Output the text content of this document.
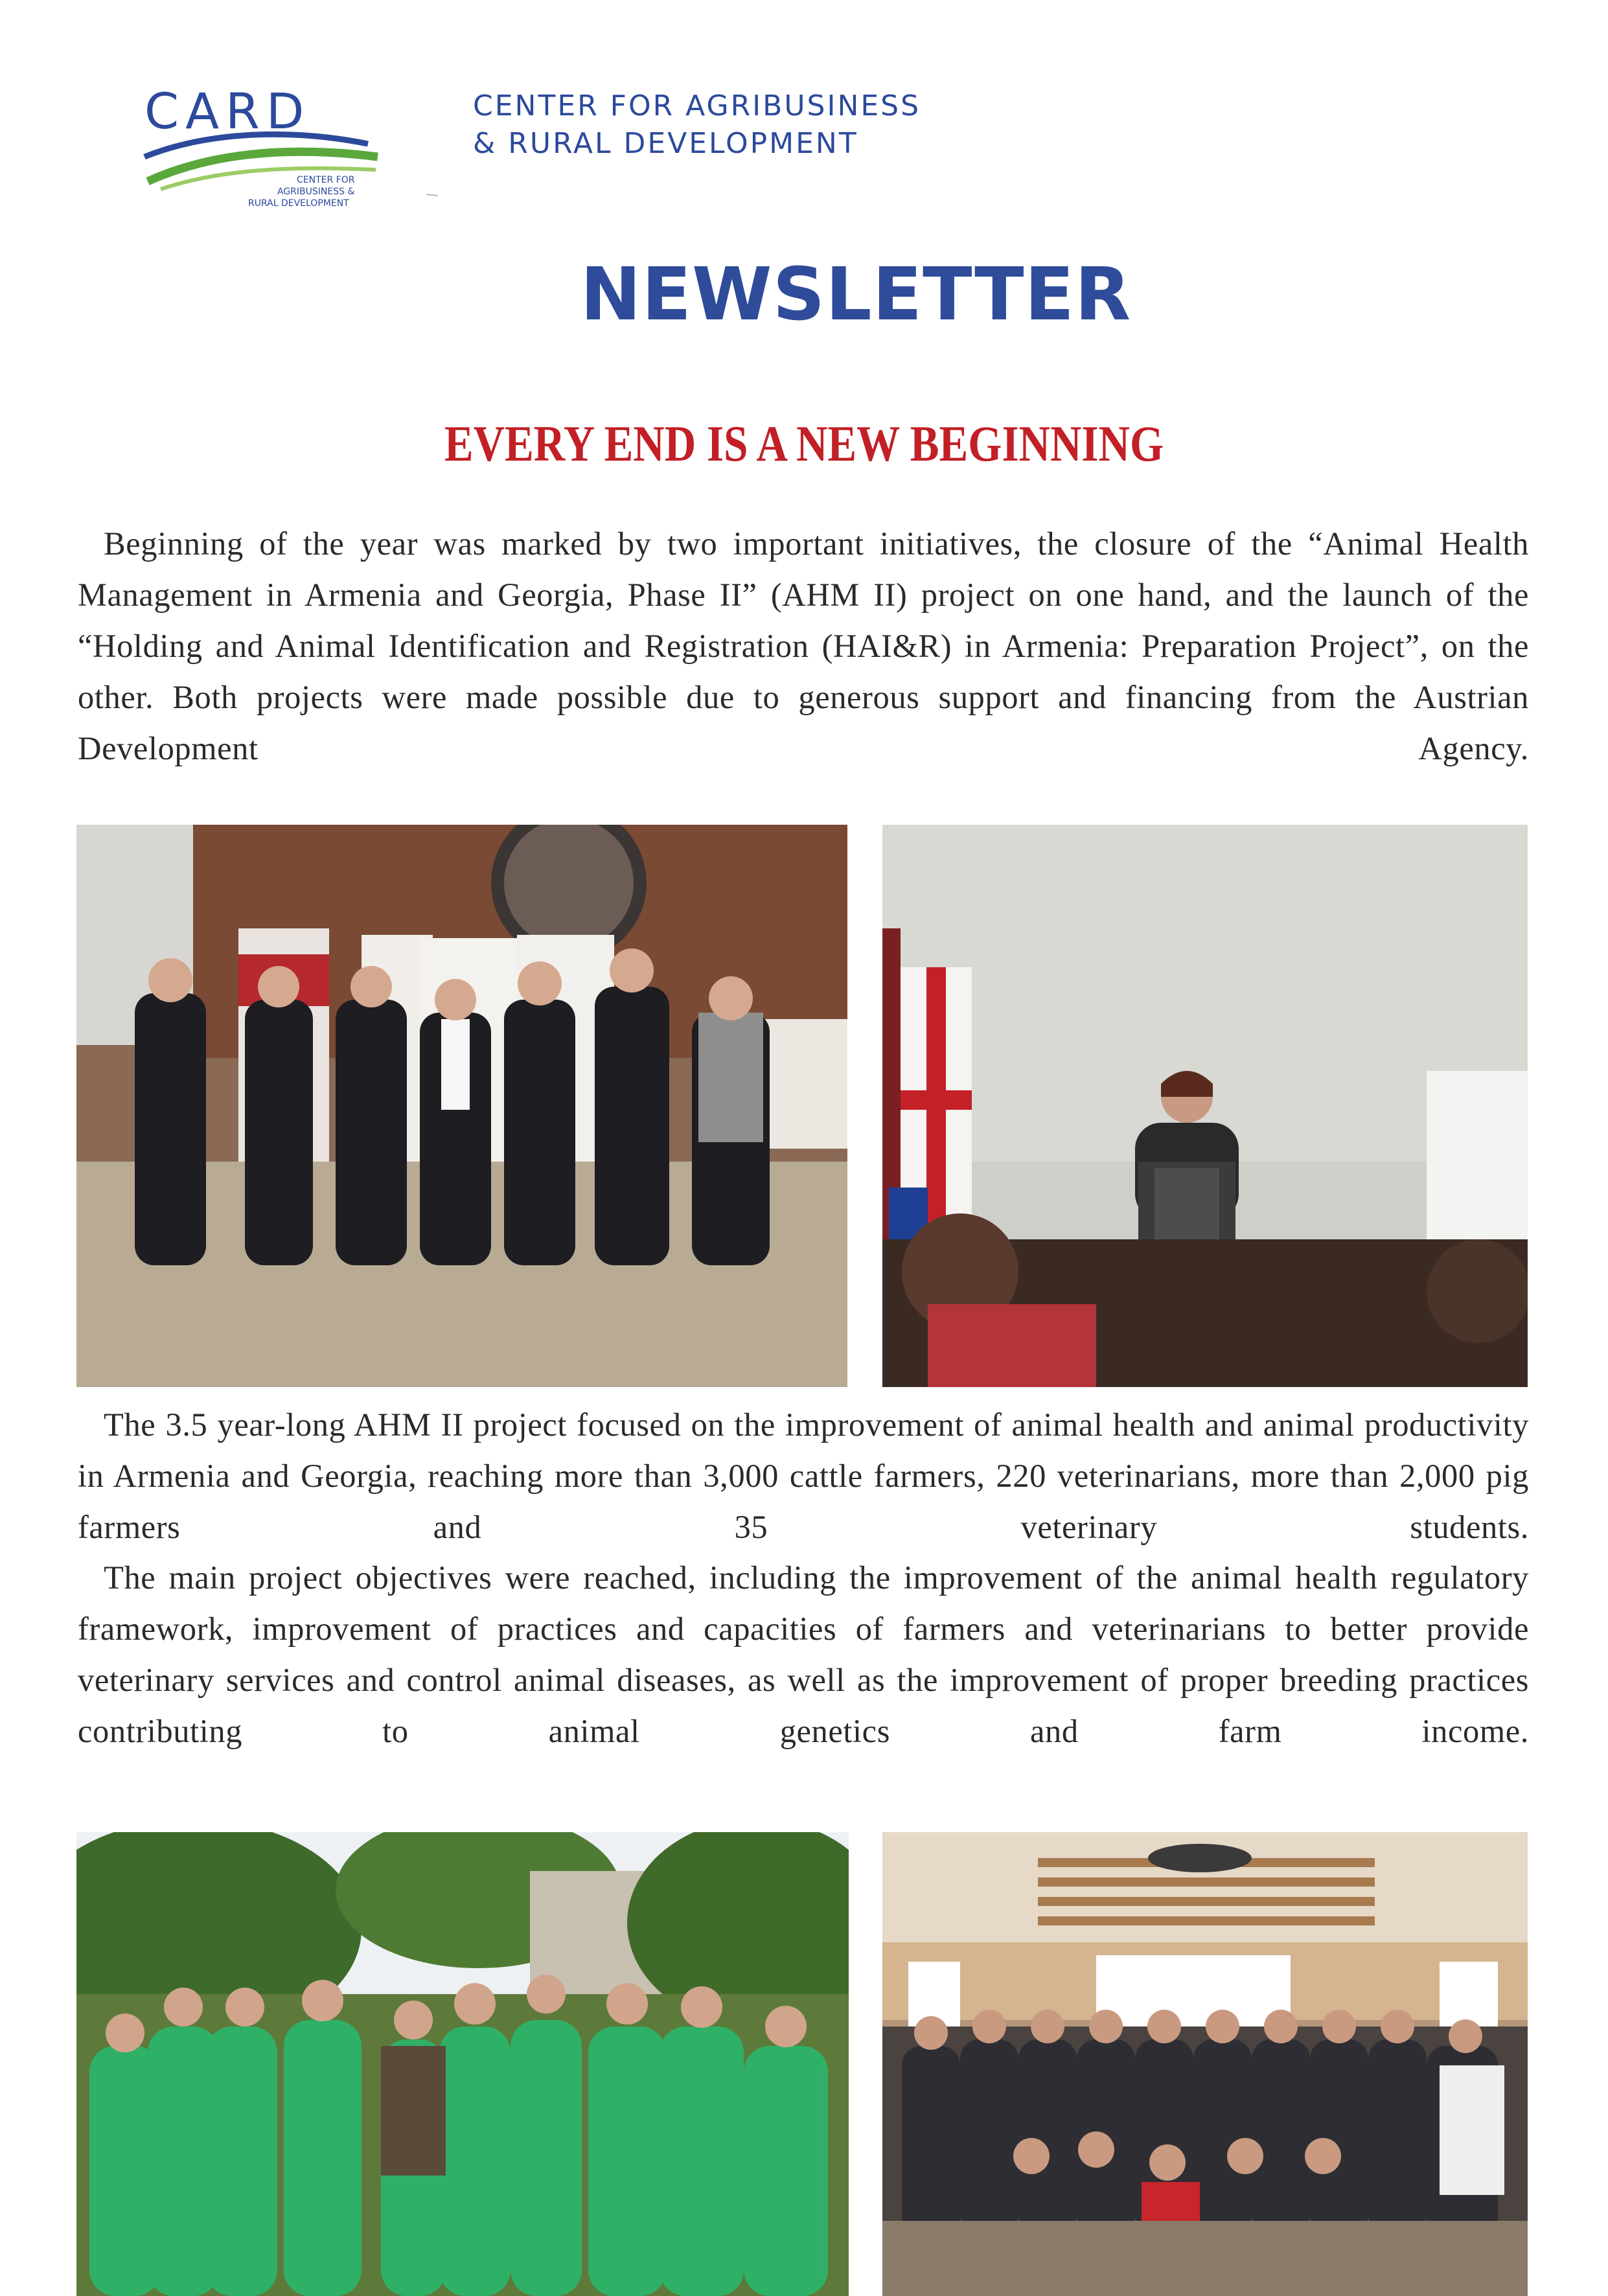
CARD
CENTER FOR
AGRIBUSINESS &
RURAL DEVELOPMENT
CENTER FOR AGRIBUSINESS
& RURAL DEVELOPMENT
NEWSLETTER
EVERY END IS A NEW BEGINNING

Beginning of the year was marked by two important initiatives, the closure of the “Animal Health Management in Armenia and Georgia, Phase II” (AHM II) project on one hand, and the launch of the “Holding and Animal Identification and Registration (HAI&R) in Armenia: Preparation Project”, on the other. Both projects were made possible due to generous support and financing from the Austrian Development Agency.

The 3.5 year-long AHM II project focused on the improvement of animal health and animal productivity in Armenia and Georgia, reaching more than 3,000 cattle farmers, 220 veterinarians, more than 2,000 pig farmers and 35 veterinary students.

The main project objectives were reached, including the improvement of the animal health regulatory framework, improvement of practices and capacities of farmers and veterinarians to better provide veterinary services and control animal diseases, as well as the improvement of proper breeding practices contributing to animal genetics and farm income.
